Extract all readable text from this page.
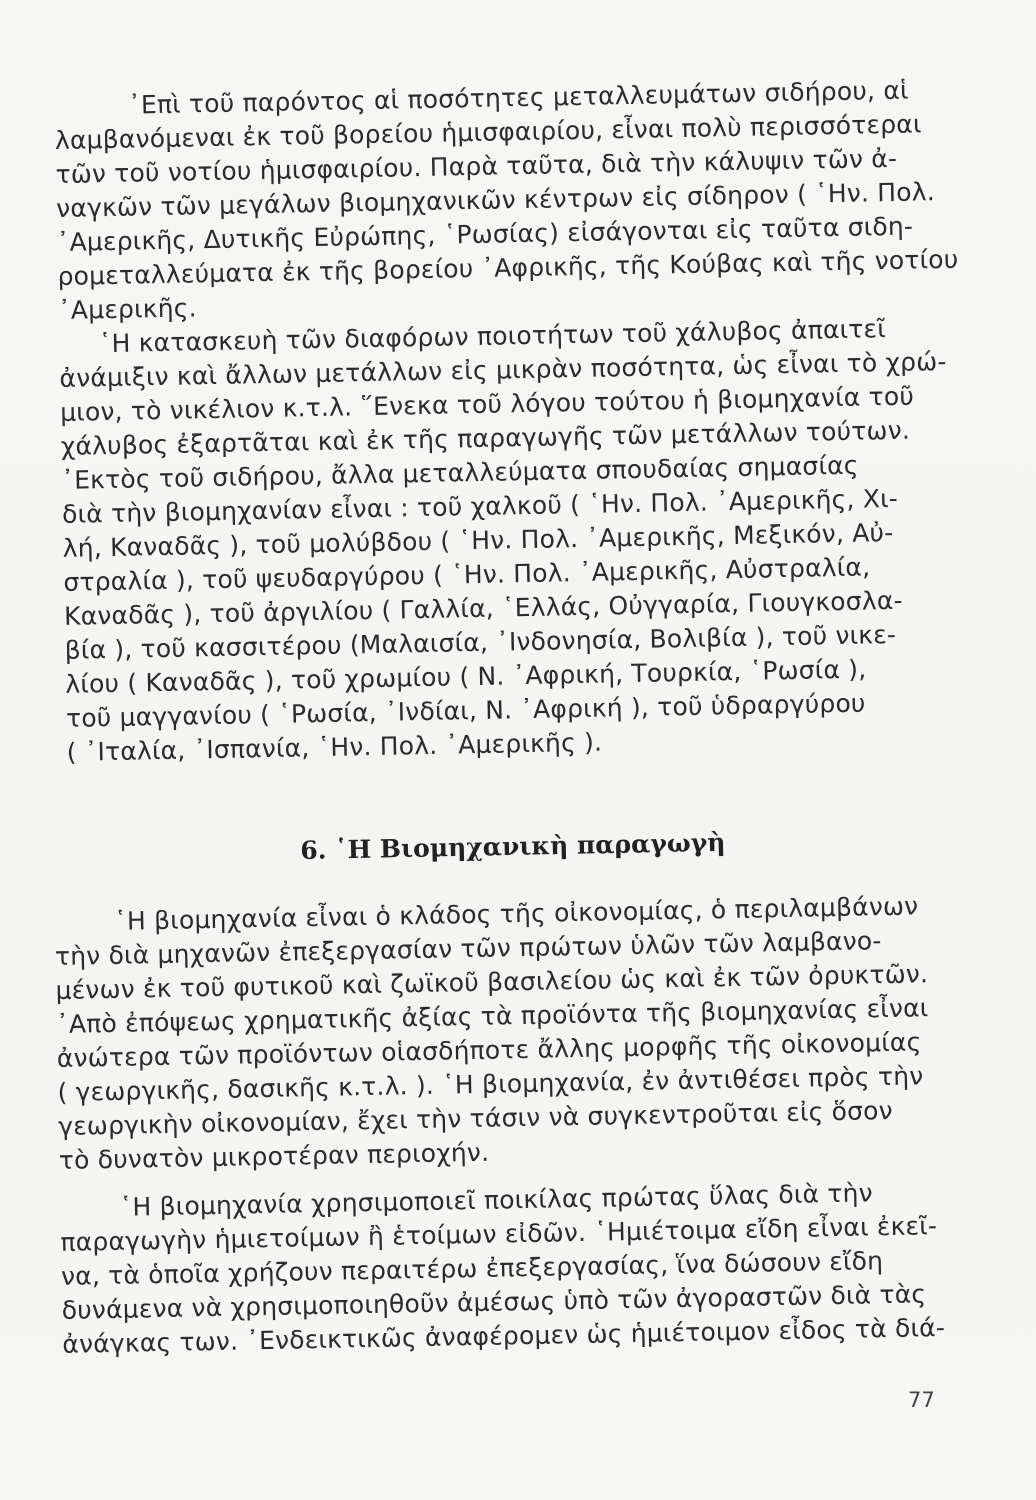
᾿Επὶ τοῦ παρόντος αἱ ποσότητες μεταλλευμάτων σιδήρου, αἱ
λαμβανόμεναι ἐκ τοῦ βορείου ἡμισφαιρίου, εἶναι πολὺ περισσότεραι
τῶν τοῦ νοτίου ἡμισφαιρίου. Παρὰ ταῦτα, διὰ τὴν κάλυψιν τῶν ἀ-
ναγκῶν τῶν μεγάλων βιομηχανικῶν κέντρων εἰς σίδηρον ( ῾Ην. Πολ.
᾿Αμερικῆς, Δυτικῆς Εὐρώπης, ῾Ρωσίας) εἰσάγονται εἰς ταῦτα σιδη-
ρομεταλλεύματα ἐκ τῆς βορείου ᾿Αφρικῆς, τῆς Κούβας καὶ τῆς νοτίου
᾿Αμερικῆς.
῾Η κατασκευὴ τῶν διαφόρων ποιοτήτων τοῦ χάλυβος ἀπαιτεῖ
ἀνάμιξιν καὶ ἄλλων μετάλλων εἰς μικρὰν ποσότητα, ὡς εἶναι τὸ χρώ-
μιον, τὸ νικέλιον κ.τ.λ. ῞Ενεκα τοῦ λόγου τούτου ἡ βιομηχανία τοῦ
χάλυβος ἐξαρτᾶται καὶ ἐκ τῆς παραγωγῆς τῶν μετάλλων τούτων.
᾿Εκτὸς τοῦ σιδήρου, ἄλλα μεταλλεύματα σπουδαίας σημασίας
διὰ τὴν βιομηχανίαν εἶναι : τοῦ χαλκοῦ ( ῾Ην. Πολ. ᾿Αμερικῆς, Χι-
λή, Καναδᾶς ), τοῦ μολύβδου ( ῾Ην. Πολ. ᾿Αμερικῆς, Μεξικόν, Αὐ-
στραλία ), τοῦ ψευδαργύρου ( ῾Ην. Πολ. ᾿Αμερικῆς, Αὐστραλία,
Καναδᾶς ), τοῦ ἀργιλίου ( Γαλλία, ῾Ελλάς, Οὐγγαρία, Γιουγκοσλα-
βία ), τοῦ κασσιτέρου (Μαλαισία, ᾿Ινδονησία, Βολιβία ), τοῦ νικε-
λίου ( Καναδᾶς ), τοῦ χρωμίου ( Ν. ᾿Αφρική, Τουρκία, ῾Ρωσία ),
τοῦ μαγγανίου ( ῾Ρωσία, ᾿Ινδίαι, Ν. ᾿Αφρική ), τοῦ ὑδραργύρου
( ᾿Ιταλία, ᾿Ισπανία, ῾Ην. Πολ. ᾿Αμερικῆς ).
6. ῾Η Βιομηχανικὴ παραγωγὴ
῾Η βιομηχανία εἶναι ὁ κλάδος τῆς οἰκονομίας, ὁ περιλαμβάνων
τὴν διὰ μηχανῶν ἐπεξεργασίαν τῶν πρώτων ὑλῶν τῶν λαμβανο-
μένων ἐκ τοῦ φυτικοῦ καὶ ζωϊκοῦ βασιλείου ὡς καὶ ἐκ τῶν ὀρυκτῶν.
᾿Απὸ ἐπόψεως χρηματικῆς ἀξίας τὰ προϊόντα τῆς βιομηχανίας εἶναι
ἀνώτερα τῶν προϊόντων οἱασδήποτε ἄλλης μορφῆς τῆς οἰκονομίας
( γεωργικῆς, δασικῆς κ.τ.λ. ). ῾Η βιομηχανία, ἐν ἀντιθέσει πρὸς τὴν
γεωργικὴν οἰκονομίαν, ἔχει τὴν τάσιν νὰ συγκεντροῦται εἰς ὅσον
τὸ δυνατὸν μικροτέραν περιοχήν.
῾Η βιομηχανία χρησιμοποιεῖ ποικίλας πρώτας ὕλας διὰ τὴν
παραγωγὴν ἡμιετοίμων ἢ ἑτοίμων εἰδῶν. ῾Ημιέτοιμα εἴδη εἶναι ἐκεῖ-
να, τὰ ὁποῖα χρήζουν περαιτέρω ἐπεξεργασίας, ἵνα δώσουν εἴδη
δυνάμενα νὰ χρησιμοποιηθοῦν ἀμέσως ὑπὸ τῶν ἀγοραστῶν διὰ τὰς
ἀνάγκας των. ᾿Ενδεικτικῶς ἀναφέρομεν ὡς ἡμιέτοιμον εἶδος τὰ διά-
77
